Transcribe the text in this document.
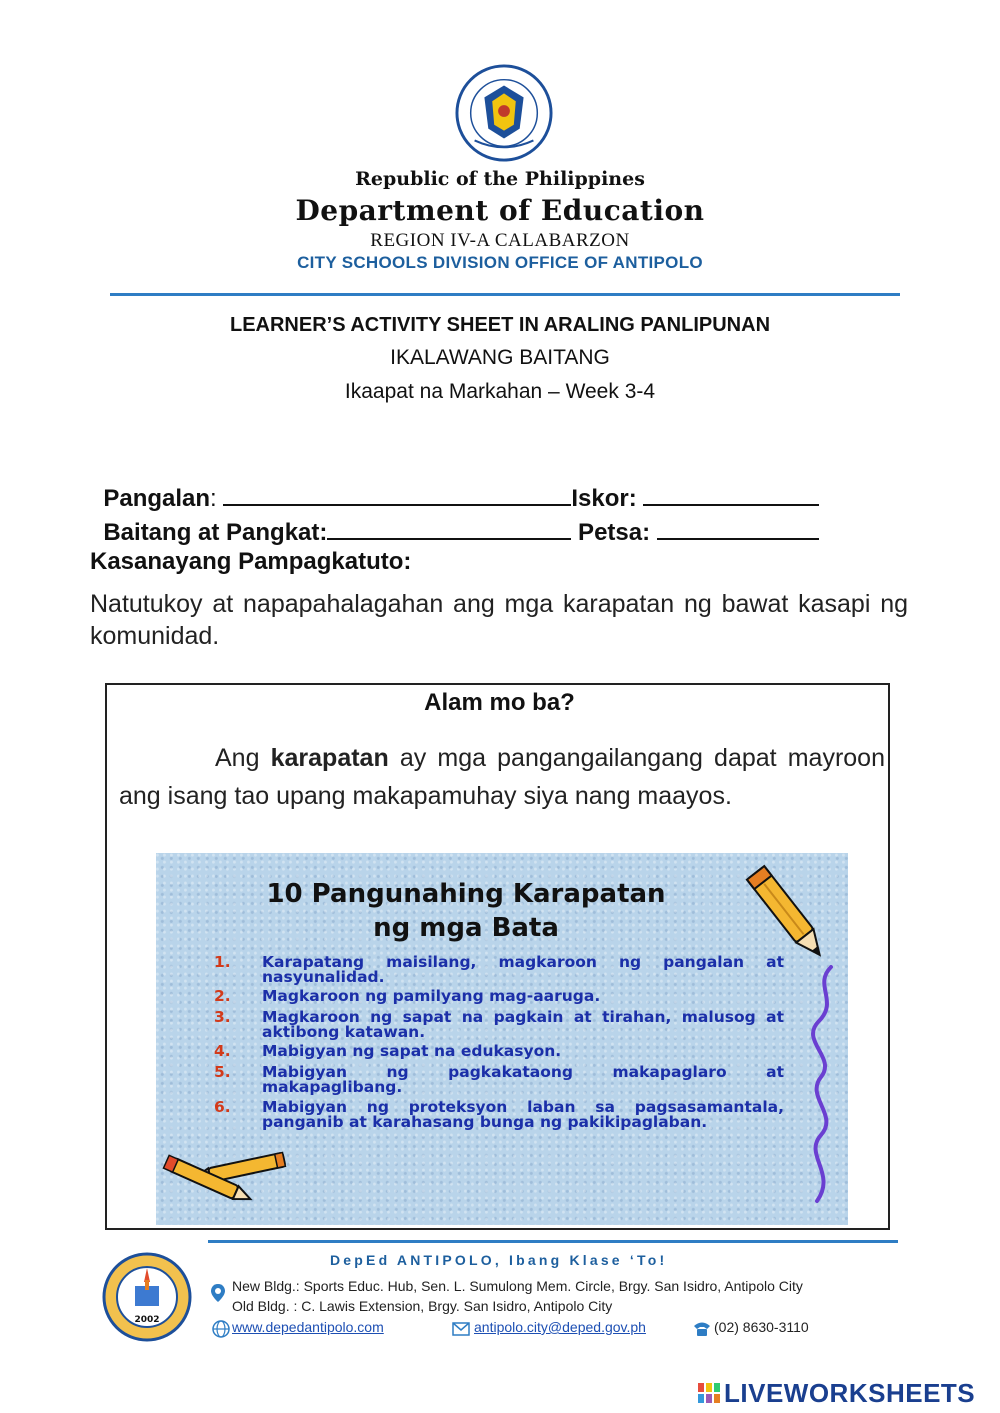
Republic of the Philippines
Department of Education
REGION IV-A CALABARZON
CITY SCHOOLS DIVISION OFFICE OF ANTIPOLO
LEARNER’S ACTIVITY SHEET IN ARALING PANLIPUNAN
IKALAWANG BAITANG
Ikaapat na Markahan – Week 3-4

Pangalan:	Iskor:

Baitang at Pangkat:	Petsa:

Kasanayang Pampagkatuto:
Natutukoy at napapahalagahan ang mga karapatan ng bawat kasapi ng komunidad.
Alam mo ba?
Ang karapatan ay mga pangangailangang dapat mayroon ang isang tao upang makapamuhay siya nang maayos.
10 Pangunahing Karapatan
ng mga Bata
1. Karapatang maisilang, magkaroon ng pangalan at nasyunalidad.
2. Magkaroon ng pamilyang mag-aaruga.
3. Magkaroon ng sapat na pagkain at tirahan, malusog at aktibong katawan.
4. Mabigyan ng sapat na edukasyon.
5. Mabigyan ng pagkakataong makapaglaro at makapaglibang.
6. Mabigyan ng proteksyon laban sa pagsasamantala, panganib at karahasang bunga ng pakikipaglaban.
DepEd ANTIPOLO, Ibang Klase ‘To!
2002
New Bldg.: Sports Educ. Hub, Sen. L. Sumulong Mem. Circle, Brgy. San Isidro, Antipolo City
Old Bldg. : C. Lawis Extension, Brgy. San Isidro, Antipolo City
www.depedantipolo.com	antipolo.city@deped.gov.ph	(02) 8630-3110
LIVEWORKSHEETS
